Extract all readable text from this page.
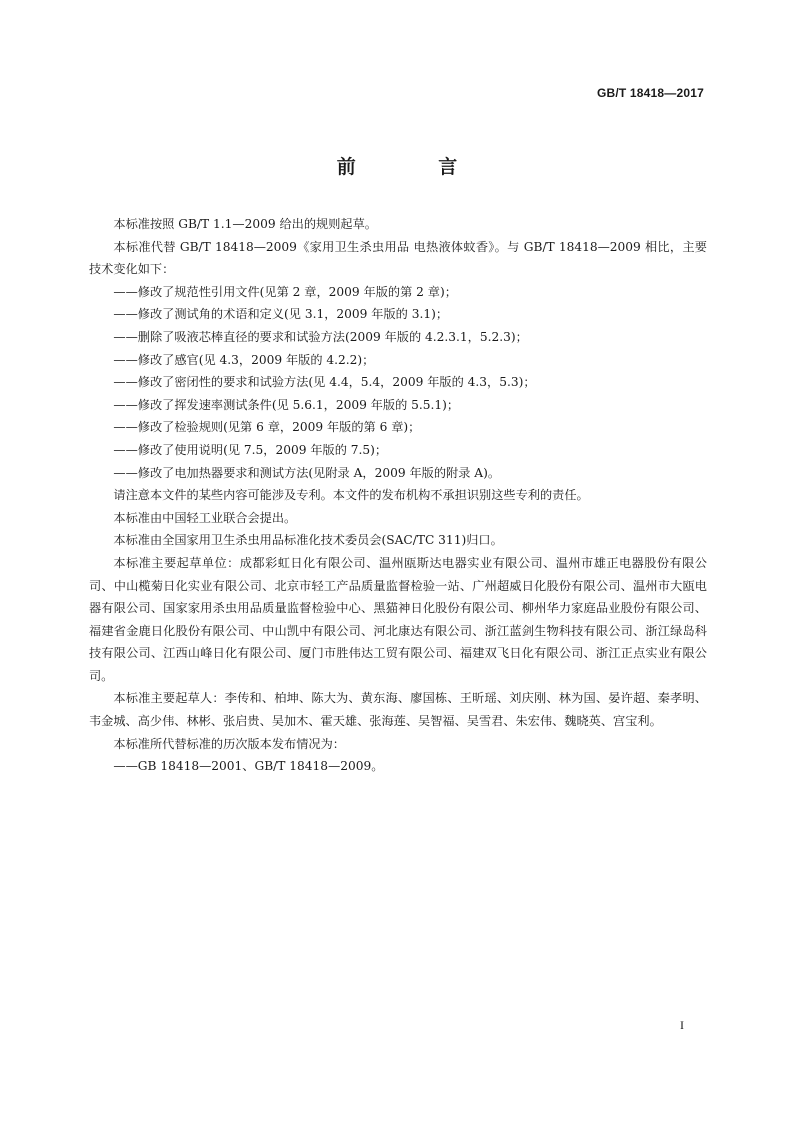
GB/T 18418—2017
前 言

本标准按照 GB/T 1.1—2009 给出的规则起草。

本标准代替 GB/T 18418—2009《家用卫生杀虫用品 电热液体蚊香》。与 GB/T 18418—2009 相比，主要技术变化如下：

——修改了规范性引用文件(见第 2 章，2009 年版的第 2 章)；

——修改了测试角的术语和定义(见 3.1，2009 年版的 3.1)；

——删除了吸液芯棒直径的要求和试验方法(2009 年版的 4.2.3.1，5.2.3)；

——修改了感官(见 4.3，2009 年版的 4.2.2)；

——修改了密闭性的要求和试验方法(见 4.4，5.4，2009 年版的 4.3，5.3)；

——修改了挥发速率测试条件(见 5.6.1，2009 年版的 5.5.1)；

——修改了检验规则(见第 6 章，2009 年版的第 6 章)；

——修改了使用说明(见 7.5，2009 年版的 7.5)；

——修改了电加热器要求和测试方法(见附录 A，2009 年版的附录 A)。

请注意本文件的某些内容可能涉及专利。本文件的发布机构不承担识别这些专利的责任。

本标准由中国轻工业联合会提出。

本标准由全国家用卫生杀虫用品标准化技术委员会(SAC/TC 311)归口。

本标准主要起草单位：成都彩虹日化有限公司、温州瓯斯达电器实业有限公司、温州市雄正电器股份有限公司、中山榄菊日化实业有限公司、北京市轻工产品质量监督检验一站、广州超威日化股份有限公司、温州市大瓯电器有限公司、国家家用杀虫用品质量监督检验中心、黑猫神日化股份有限公司、柳州华力家庭品业股份有限公司、福建省金鹿日化股份有限公司、中山凯中有限公司、河北康达有限公司、浙江蓝剑生物科技有限公司、浙江绿岛科技有限公司、江西山峰日化有限公司、厦门市胜伟达工贸有限公司、福建双飞日化有限公司、浙江正点实业有限公司。

本标准主要起草人：李传和、柏坤、陈大为、黄东海、廖国栋、王昕瑶、刘庆刚、林为国、晏许超、秦孝明、韦金城、高少伟、林彬、张启贵、吴加木、霍天雄、张海莲、吴智福、吴雪君、朱宏伟、魏晓英、宫宝利。

本标准所代替标准的历次版本发布情况为：

——GB 18418—2001、GB/T 18418—2009。

I
